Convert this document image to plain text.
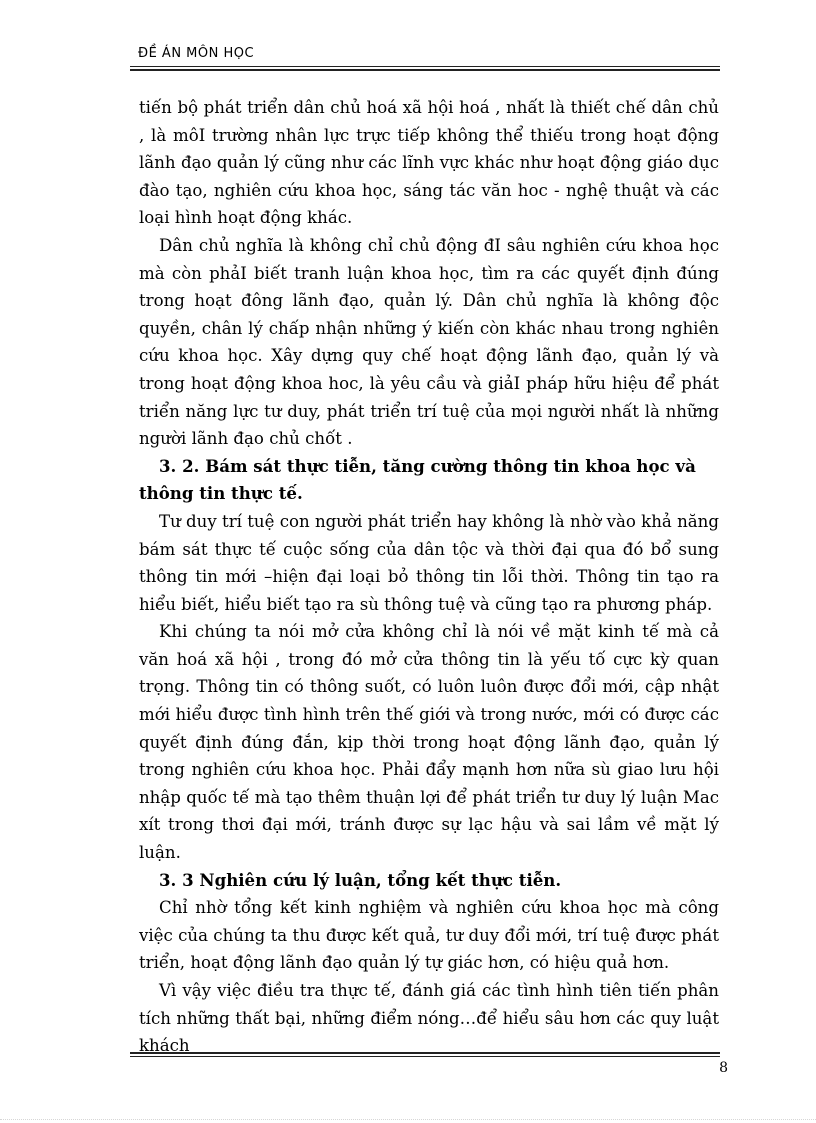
ĐỀ ÁN MÔN HỌC

tiến bộ phát triển dân chủ hoá xã hội hoá , nhất là thiết chế dân chủ , là môI trường nhân lực trực tiếp không thể thiếu trong hoạt động lãnh đạo quản lý cũng như các lĩnh vực khác như hoạt động giáo dục đào tạo, nghiên cứu khoa học, sáng tác văn hoc - nghệ thuật và các loại hình hoạt động khác.

Dân chủ nghĩa là không chỉ chủ động đI sâu nghiên cứu khoa học mà còn phảI biết tranh luận khoa học, tìm ra các quyết định đúng trong hoạt đông lãnh đạo, quản lý. Dân chủ nghĩa là không độc quyền, chân lý chấp nhận những ý kiến còn khác nhau trong nghiên cứu khoa học. Xây dựng quy chế hoạt động lãnh đạo, quản lý và trong hoạt động khoa hoc, là yêu cầu và giảI pháp hữu hiệu để phát triển năng lực tư duy, phát triển trí tuệ của mọi người nhất là những người lãnh đạo chủ chốt .

3. 2. Bám sát thực tiễn, tăng cường thông tin khoa học và thông tin thực tế.

Tư duy trí tuệ con người phát triển hay không là nhờ vào khả năng bám sát thực tế cuộc sống của dân tộc và thời đại qua đó bổ sung thông tin mới –hiện đại loại bỏ thông tin lỗi thời. Thông tin tạo ra hiểu biết, hiểu biết tạo ra sù thông tuệ và cũng tạo ra phương pháp.

Khi chúng ta nói mở cửa không chỉ là nói về mặt kinh tế mà cả văn hoá xã hội , trong đó mở cửa thông tin là yếu tố cực kỳ quan trọng. Thông tin có thông suốt, có luôn luôn được đổi mới, cập nhật mới hiểu được tình hình trên thế giới và trong nước, mới có được các quyết định đúng đắn, kịp thời trong hoạt động lãnh đạo, quản lý trong nghiên cứu khoa học. Phải đẩy mạnh hơn nữa sù giao lưu hội nhập quốc tế mà tạo thêm thuận lợi để phát triển tư duy lý luận Mac xít trong thơi đại mới, tránh được sự lạc hậu và sai lầm về mặt lý luận.

3. 3 Nghiên cứu lý luận, tổng kết thực tiễn.

Chỉ nhờ tổng kết kinh nghiệm và nghiên cứu khoa học mà công việc của chúng ta thu được kết quả, tư duy đổi mới, trí tuệ được phát triển, hoạt động lãnh đạo quản lý tự giác hơn, có hiệu quả hơn.

Vì vậy việc điều tra thực tế, đánh giá các tình hình tiên tiến phân tích những thất bại, những điểm nóng…để hiểu sâu hơn các quy luật khách

8
